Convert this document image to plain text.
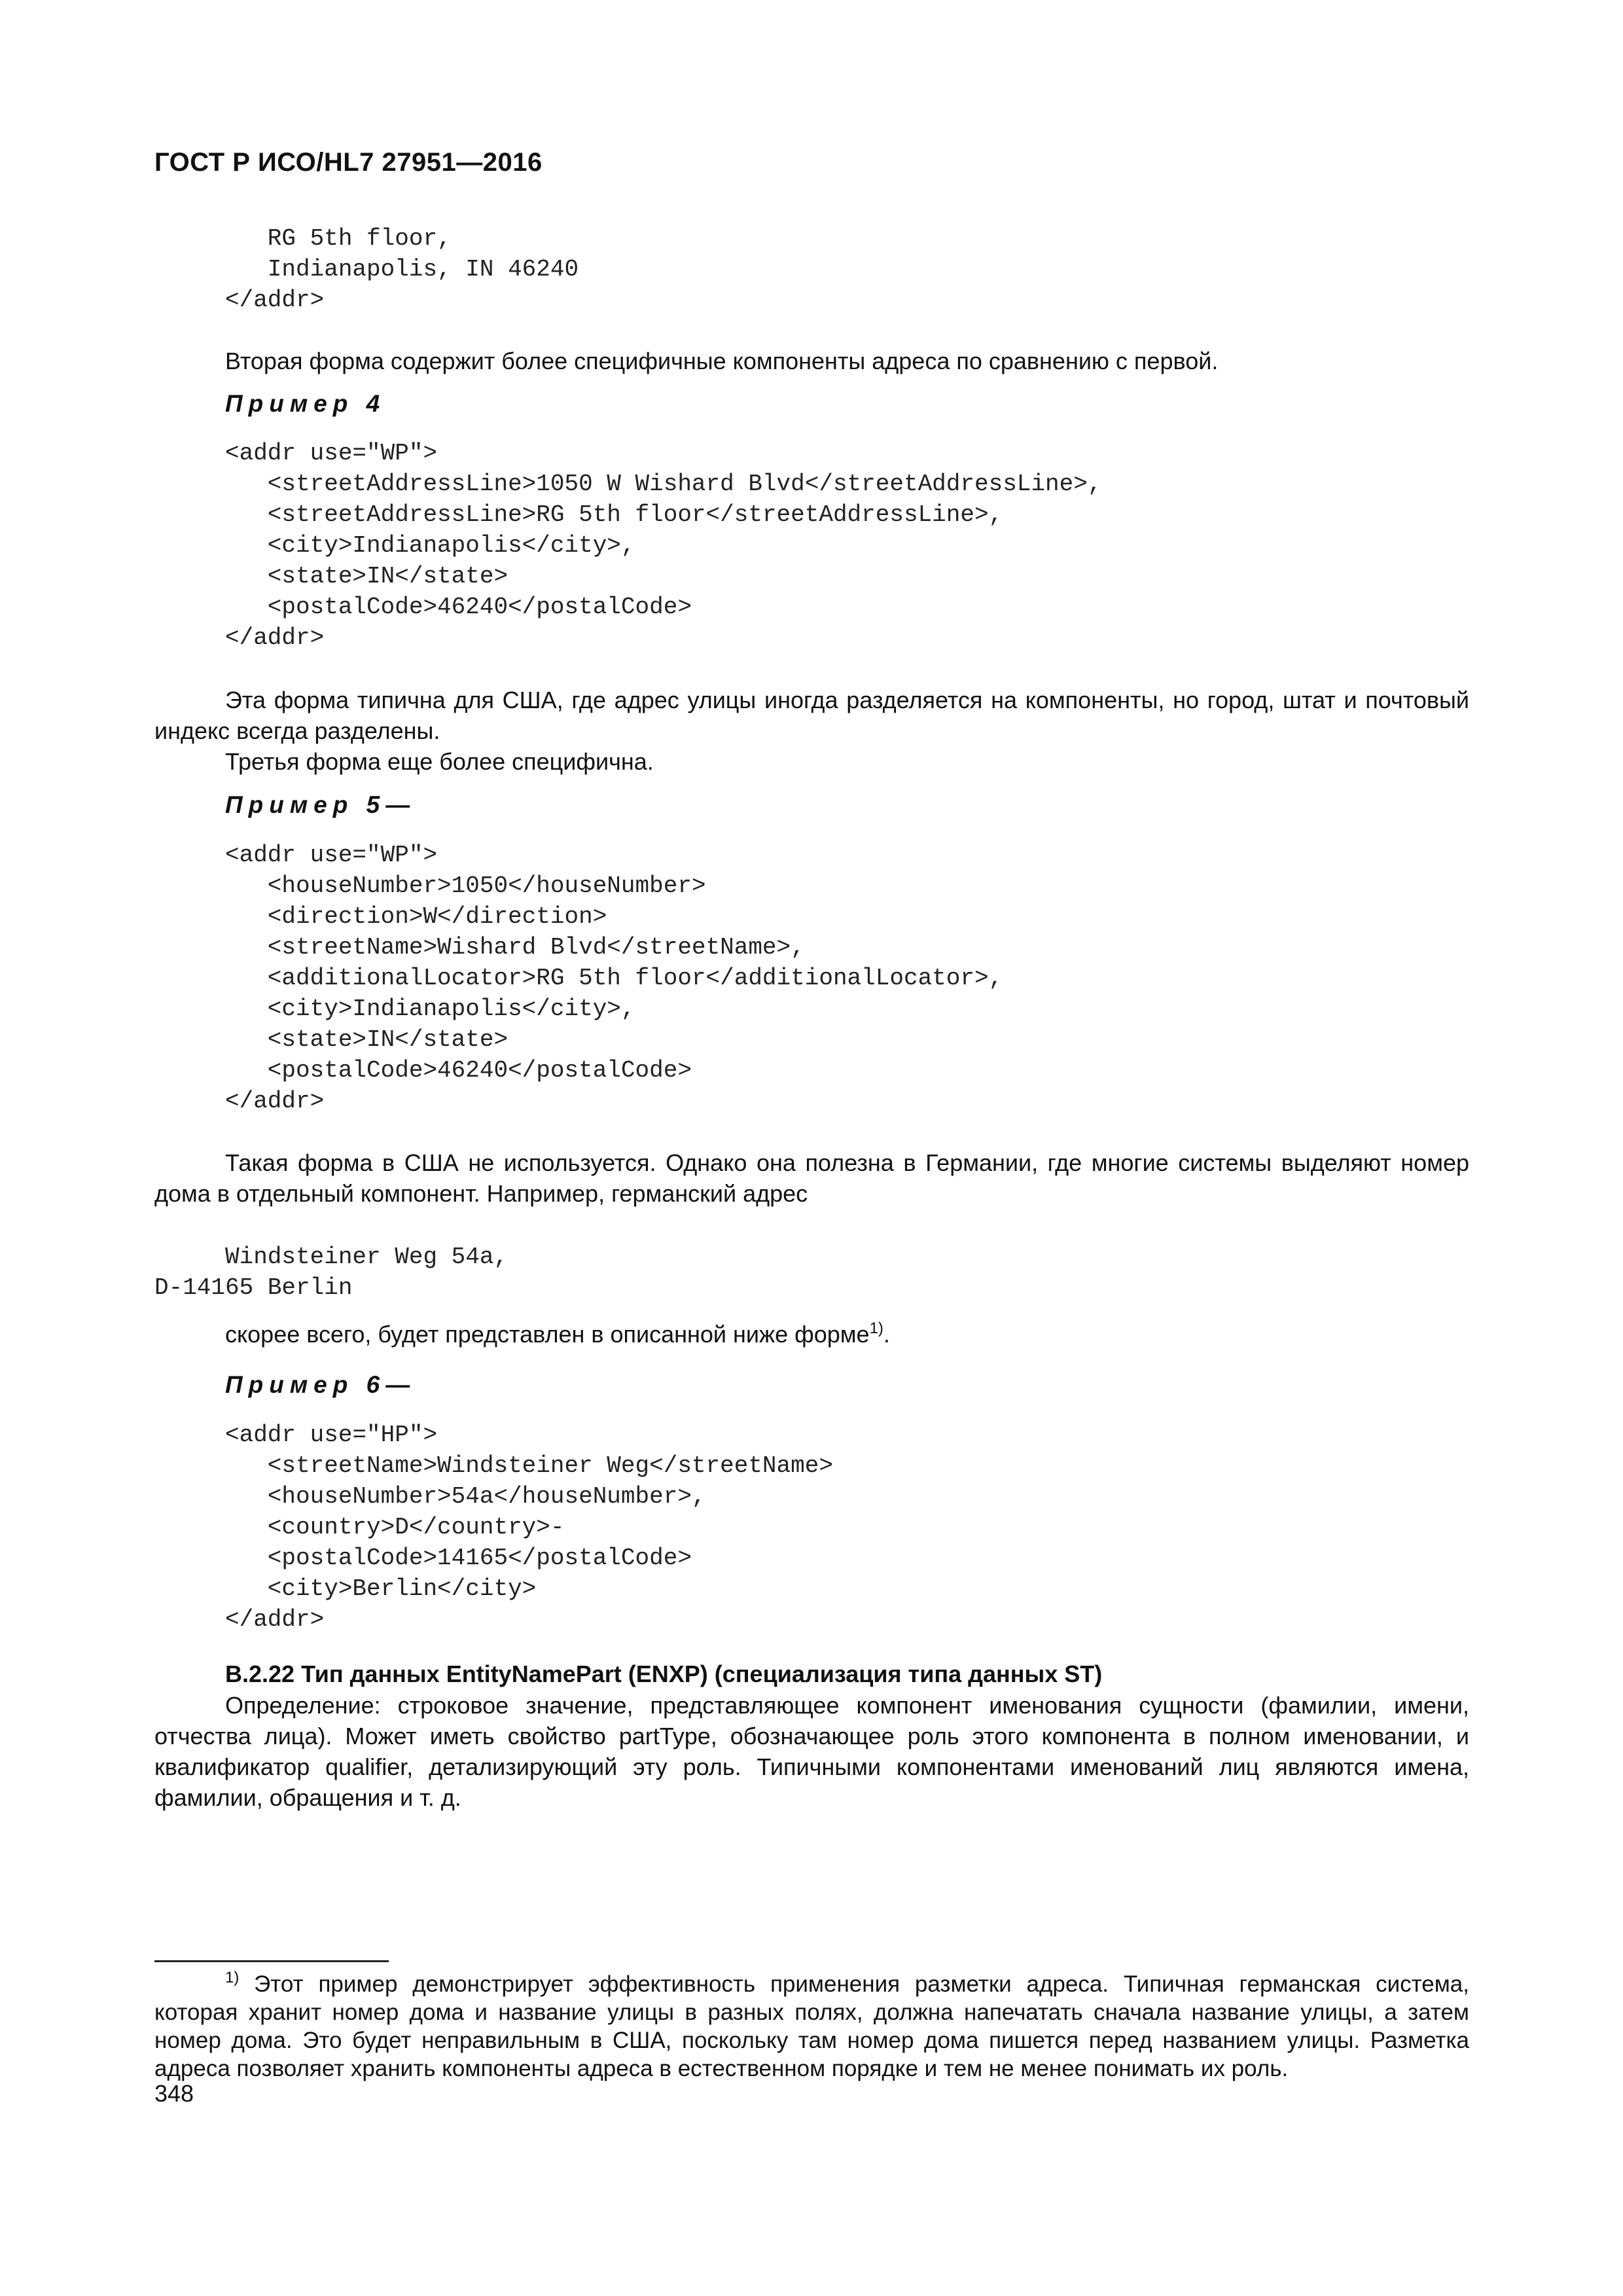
ГОСТ Р ИСО/HL7 27951—2016
RG 5th floor,
Indianapolis, IN 46240
</addr>
Вторая форма содержит более специфичные компоненты адреса по сравнению с первой.
Пример 4
<addr use="WP">
<streetAddressLine>1050 W Wishard Blvd</streetAddressLine>,
<streetAddressLine>RG 5th floor</streetAddressLine>,
<city>Indianapolis</city>,
<state>IN</state>
<postalCode>46240</postalCode>
</addr>
Эта форма типична для США, где адрес улицы иногда разделяется на компоненты, но город, штат и почтовый индекс всегда разделены.
Третья форма еще более специфична.
Пример 5—
<addr use="WP">
<houseNumber>1050</houseNumber>
<direction>W</direction>
<streetName>Wishard Blvd</streetName>,
<additionalLocator>RG 5th floor</additionalLocator>,
<city>Indianapolis</city>,
<state>IN</state>
<postalCode>46240</postalCode>
</addr>
Такая форма в США не используется. Однако она полезна в Германии, где многие системы выделяют номер дома в отдельный компонент. Например, германский адрес
Windsteiner Weg 54a,
D-14165 Berlin
скорее всего, будет представлен в описанной ниже форме$^{1)}$.
Пример 6—
<addr use="HP">
<streetName>Windsteiner Weg</streetName>
<houseNumber>54a</houseNumber>,
<country>D</country>-
<postalCode>14165</postalCode>
<city>Berlin</city>
</addr>
B.2.22 Тип данных EntityNamePart (ENXP) (специализация типа данных ST)
Определение: строковое значение, представляющее компонент именования сущности (фамилии, имени, отчества лица). Может иметь свойство partType, обозначающее роль этого компонента в полном именовании, и квалификатор qualifier, детализирующий эту роль. Типичными компонентами именований лиц являются имена, фамилии, обращения и т. д.
$^{1)}$ Этот пример демонстрирует эффективность применения разметки адреса. Типичная германская система, которая хранит номер дома и название улицы в разных полях, должна напечатать сначала название улицы, а затем номер дома. Это будет неправильным в США, поскольку там номер дома пишется перед названием улицы. Разметка адреса позволяет хранить компоненты адреса в естественном порядке и тем не менее понимать их роль.
348
